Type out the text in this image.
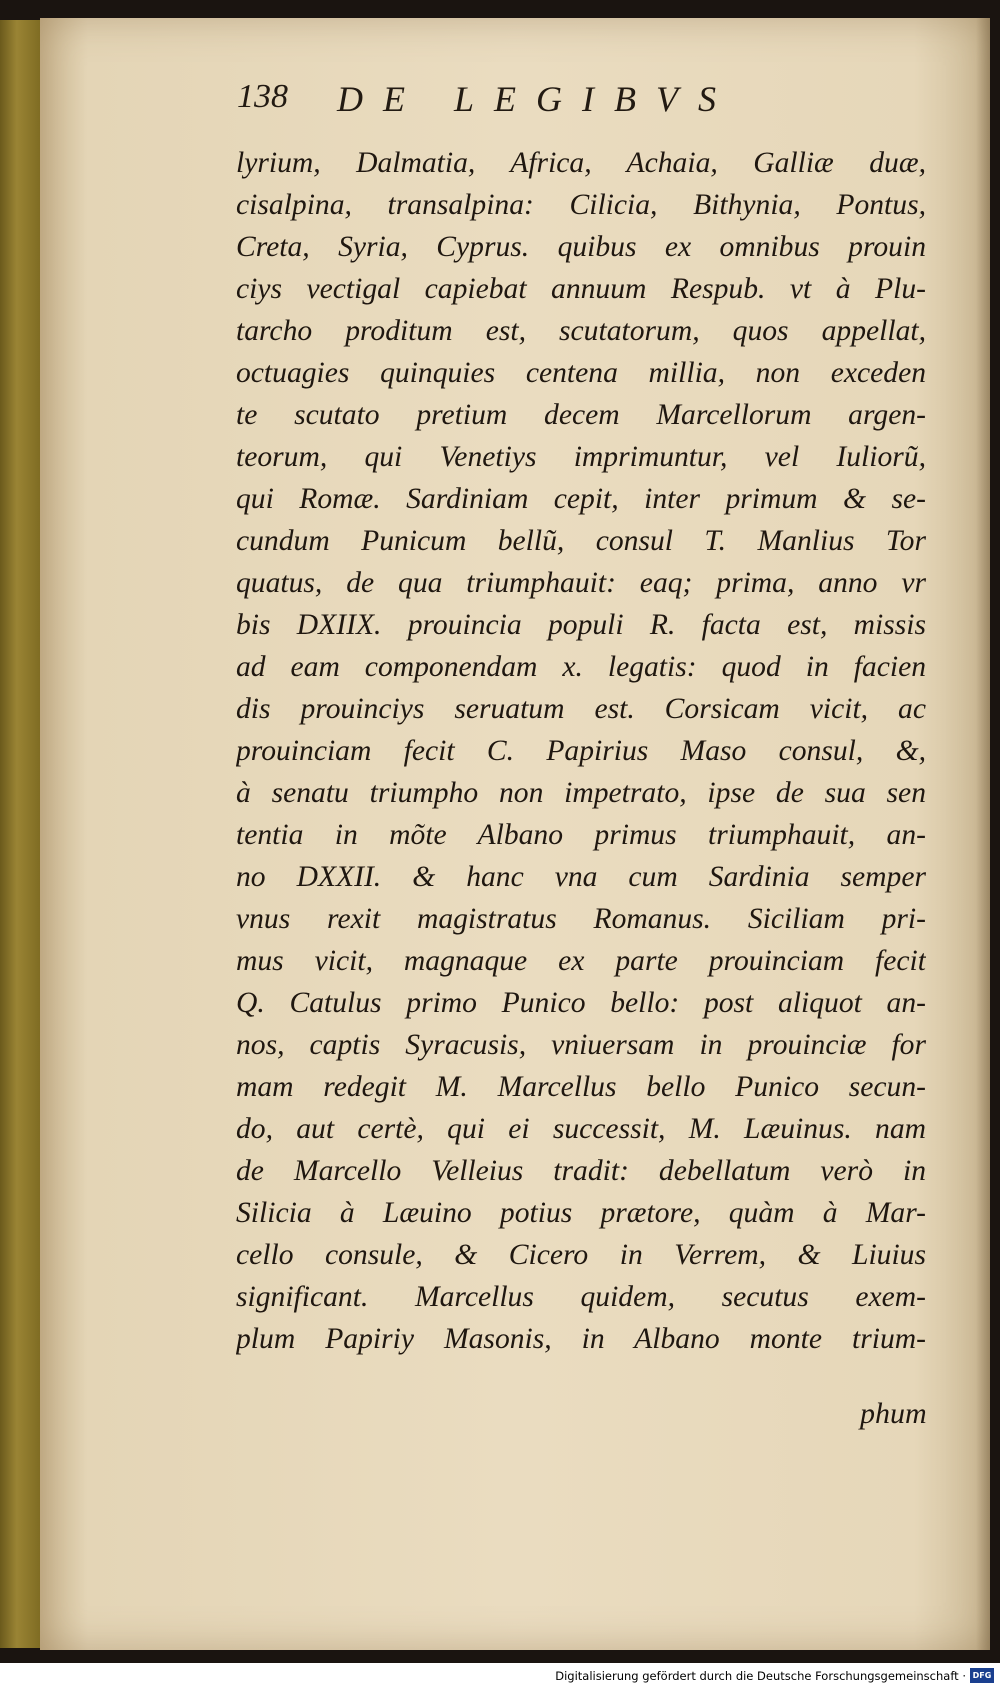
138 DE LEGIBVS
lyrium, Dalmatia, Africa, Achaia, Galliæ duæ,
cisalpina, transalpina: Cilicia, Bithynia, Pontus,
Creta, Syria, Cyprus. quibus ex omnibus prouin
ciys vectigal capiebat annuum Respub. vt à Plu-
tarcho proditum est, scutatorum, quos appellat,
octuagies quinquies centena millia, non exceden
te scutato pretium decem Marcellorum argen-
teorum, qui Venetiys imprimuntur, vel Iuliorũ,
qui Romæ. Sardiniam cepit, inter primum & se-
cundum Punicum bellũ, consul T. Manlius Tor
quatus, de qua triumphauit: eaq; prima, anno vr
bis DXIIX. prouincia populi R. facta est, missis
ad eam componendam x. legatis: quod in facien
dis prouinciys seruatum est. Corsicam vicit, ac
prouinciam fecit C. Papirius Maso consul, &,
à senatu triumpho non impetrato, ipse de sua sen
tentia in mõte Albano primus triumphauit, an-
no DXXII. & hanc vna cum Sardinia semper
vnus rexit magistratus Romanus. Siciliam pri-
mus vicit, magnaque ex parte prouinciam fecit
Q. Catulus primo Punico bello: post aliquot an-
nos, captis Syracusis, vniuersam in prouinciæ for
mam redegit M. Marcellus bello Punico secun-
do, aut certè, qui ei successit, M. Læuinus. nam
de Marcello Velleius tradit: debellatum verò in
Silicia à Læuino potius prætore, quàm à Mar-
cello consule, & Cicero in Verrem, & Liuius
significant. Marcellus quidem, secutus exem-
plum Papiriy Masonis, in Albano monte trium-
phum
Digitalisierung gefördert durch die Deutsche Forschungsgemeinschaft · DFG
